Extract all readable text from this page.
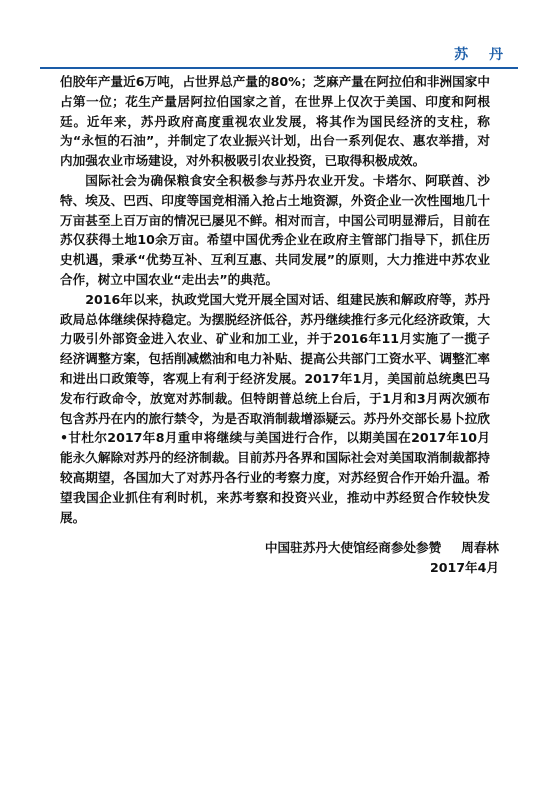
苏 丹

伯胶年产量近6万吨，占世界总产量的80%；芝麻产量在阿拉伯和非洲国家中占第一位；花生产量居阿拉伯国家之首，在世界上仅次于美国、印度和阿根廷。近年来，苏丹政府高度重视农业发展，将其作为国民经济的支柱，称为“永恒的石油”，并制定了农业振兴计划，出台一系列促农、惠农举措，对内加强农业市场建设，对外积极吸引农业投资，已取得积极成效。

国际社会为确保粮食安全积极参与苏丹农业开发。卡塔尔、阿联酋、沙特、埃及、巴西、印度等国竞相涌入抢占土地资源，外资企业一次性囤地几十万亩甚至上百万亩的情况已屡见不鲜。相对而言，中国公司明显滞后，目前在苏仅获得土地10余万亩。希望中国优秀企业在政府主管部门指导下，抓住历史机遇，秉承“优势互补、互利互惠、共同发展”的原则，大力推进中苏农业合作，树立中国农业“走出去”的典范。

2016年以来，执政党国大党开展全国对话、组建民族和解政府等，苏丹政局总体继续保持稳定。为摆脱经济低谷，苏丹继续推行多元化经济政策，大力吸引外部资金进入农业、矿业和加工业，并于2016年11月实施了一揽子经济调整方案，包括削减燃油和电力补贴、提高公共部门工资水平、调整汇率和进出口政策等，客观上有利于经济发展。2017年1月，美国前总统奥巴马发布行政命令，放宽对苏制裁。但特朗普总统上台后，于1月和3月两次颁布包含苏丹在内的旅行禁令，为是否取消制裁增添疑云。苏丹外交部长易卜拉欣•甘杜尔2017年8月重申将继续与美国进行合作，以期美国在2017年10月能永久解除对苏丹的经济制裁。目前苏丹各界和国际社会对美国取消制裁都持较高期望，各国加大了对苏丹各行业的考察力度，对苏经贸合作开始升温。希望我国企业抓住有利时机，来苏考察和投资兴业，推动中苏经贸合作较快发展。

中国驻苏丹大使馆经商参处参赞 周春林
2017年4月
